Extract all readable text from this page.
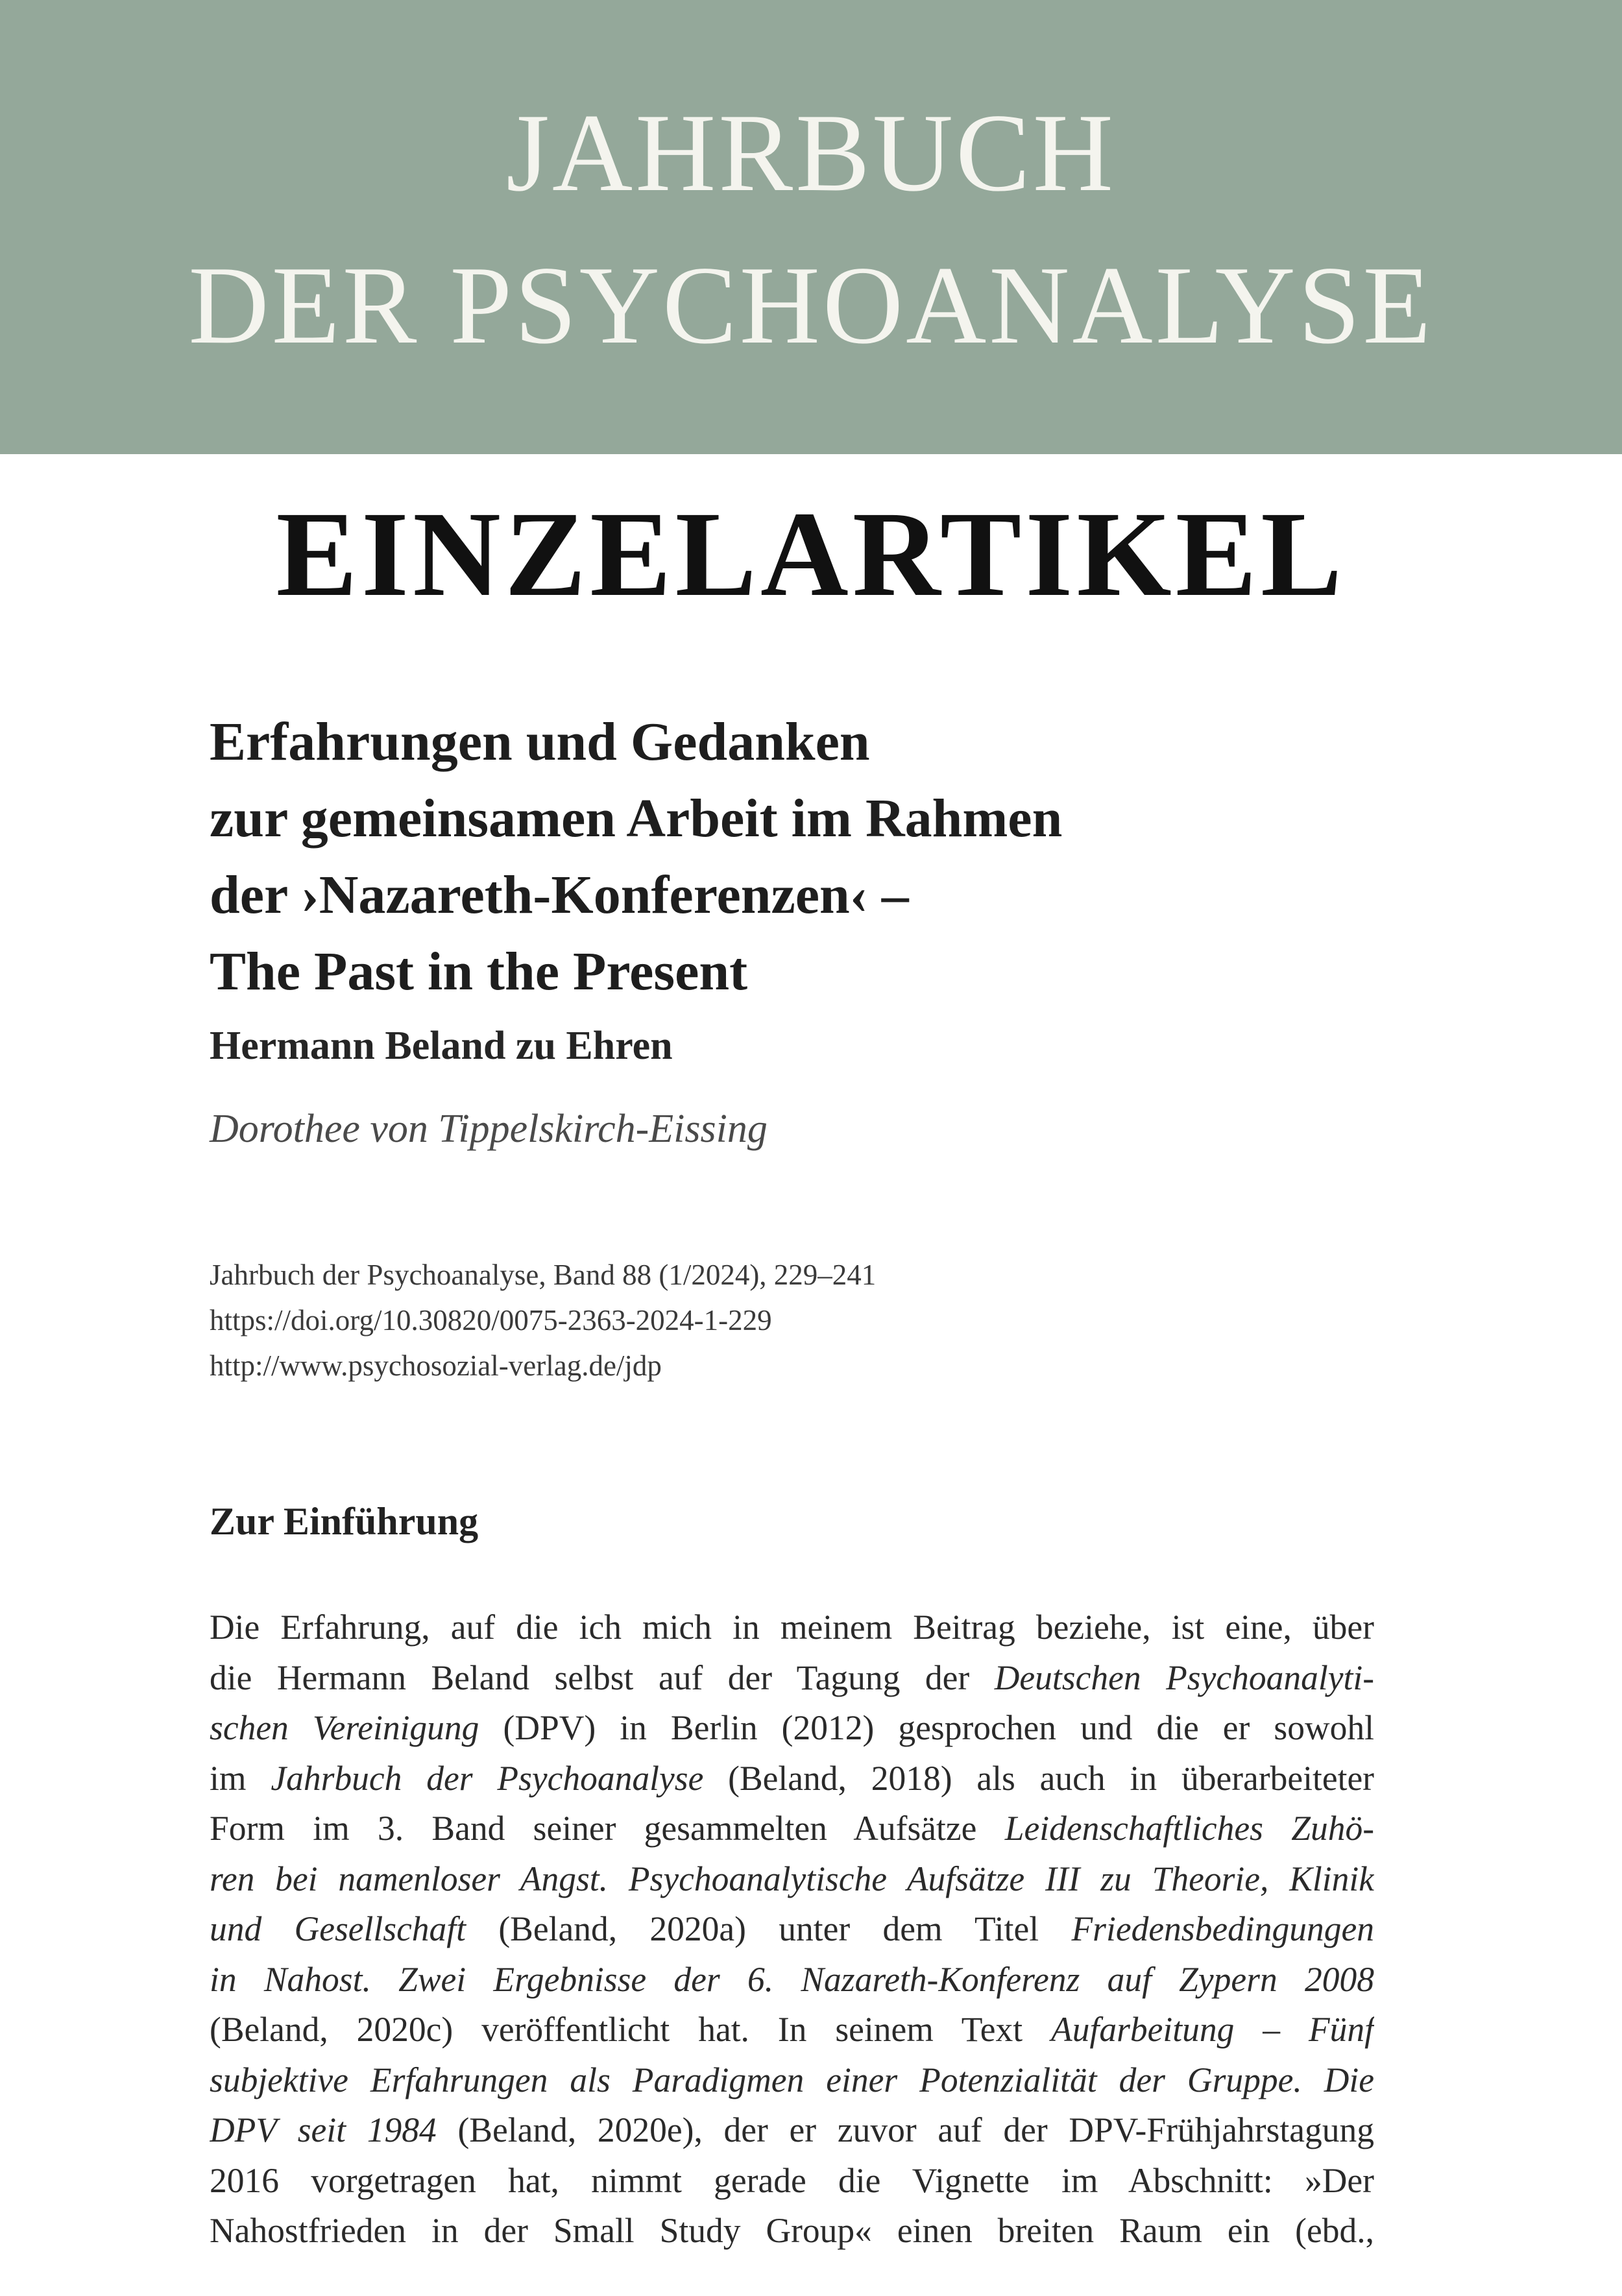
JAHRBUCH
DER PSYCHOANALYSE
EINZELARTIKEL
Erfahrungen und Gedanken
zur gemeinsamen Arbeit im Rahmen
der ›Nazareth-Konferenzen‹ –
The Past in the Present
Hermann Beland zu Ehren
Dorothee von Tippelskirch-Eissing
Jahrbuch der Psychoanalyse, Band 88 (1/2024), 229–241
https://doi.org/10.30820/0075-2363-2024-1-229
http://www.psychosozial-verlag.de/jdp
Zur Einführung
Die Erfahrung, auf die ich mich in meinem Beitrag beziehe, ist eine, über
die Hermann Beland selbst auf der Tagung der Deutschen Psychoanalyti-
schen Vereinigung (DPV) in Berlin (2012) gesprochen und die er sowohl
im Jahrbuch der Psychoanalyse (Beland, 2018) als auch in überarbeiteter
Form im 3. Band seiner gesammelten Aufsätze Leidenschaftliches Zuhö-
ren bei namenloser Angst. Psychoanalytische Aufsätze III zu Theorie, Klinik
und Gesellschaft (Beland, 2020a) unter dem Titel Friedensbedingungen
in Nahost. Zwei Ergebnisse der 6. Nazareth-Konferenz auf Zypern 2008
(Beland, 2020c) veröffentlicht hat. In seinem Text Aufarbeitung – Fünf
subjektive Erfahrungen als Paradigmen einer Potenzialität der Gruppe. Die
DPV seit 1984 (Beland, 2020e), der er zuvor auf der DPV-Frühjahrstagung
2016 vorgetragen hat, nimmt gerade die Vignette im Abschnitt: »Der
Nahostfrieden in der Small Study Group« einen breiten Raum ein (ebd.,
